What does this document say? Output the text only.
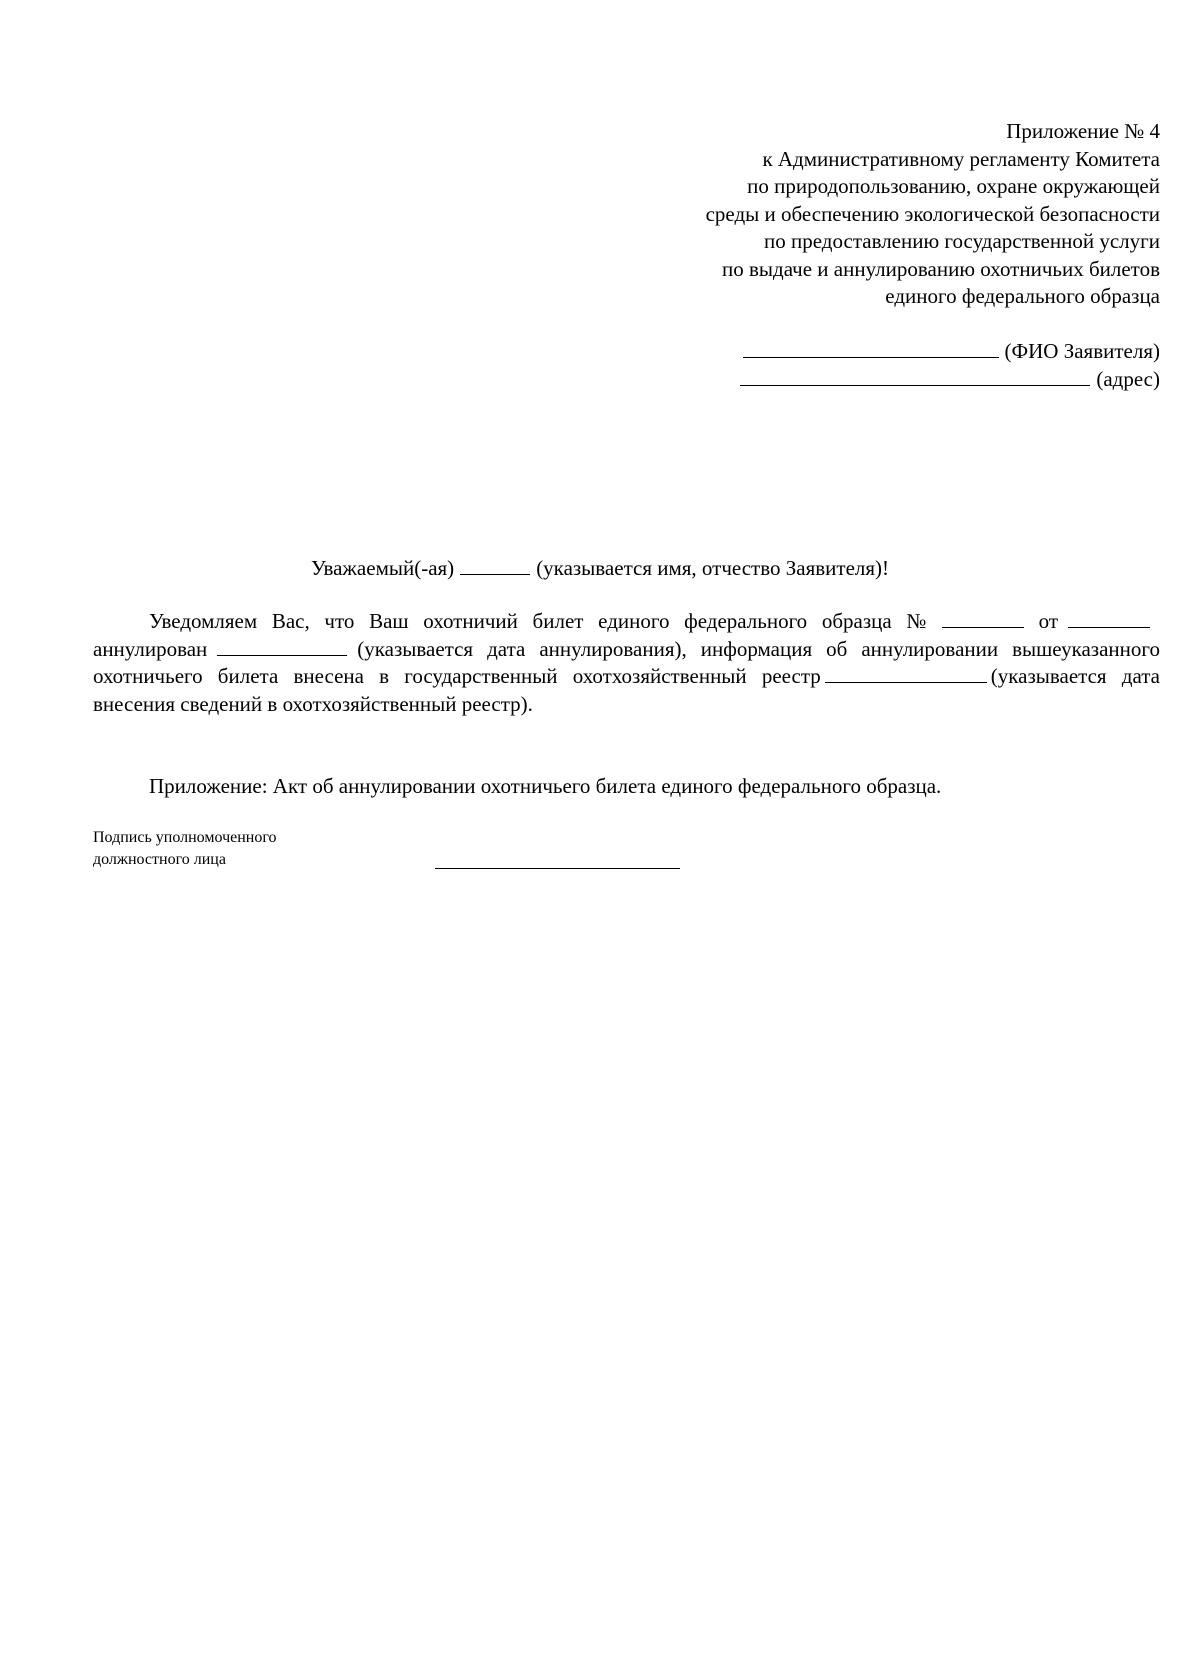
Приложение № 4
к Административному регламенту Комитета
по природопользованию, охране окружающей
среды и обеспечению экологической безопасности
по предоставлению государственной услуги
по выдаче и аннулированию охотничьих билетов
единого федерального образца
(ФИО Заявителя)
(адрес)
Уважаемый(-ая)	(указывается имя, отчество Заявителя)!
Уведомляем Вас, что Ваш охотничий билет единого федерального образца №	отаннулирован	(указывается дата аннулирования), информация об аннулировании вышеуказанного охотничьего билета внесена в государственный охотхозяйственный реестр	(указывается дата внесения сведений в охотхозяйственный реестр).
Приложение: Акт об аннулировании охотничьего билета единого федерального образца.
Подпись уполномоченного
должностного лица
